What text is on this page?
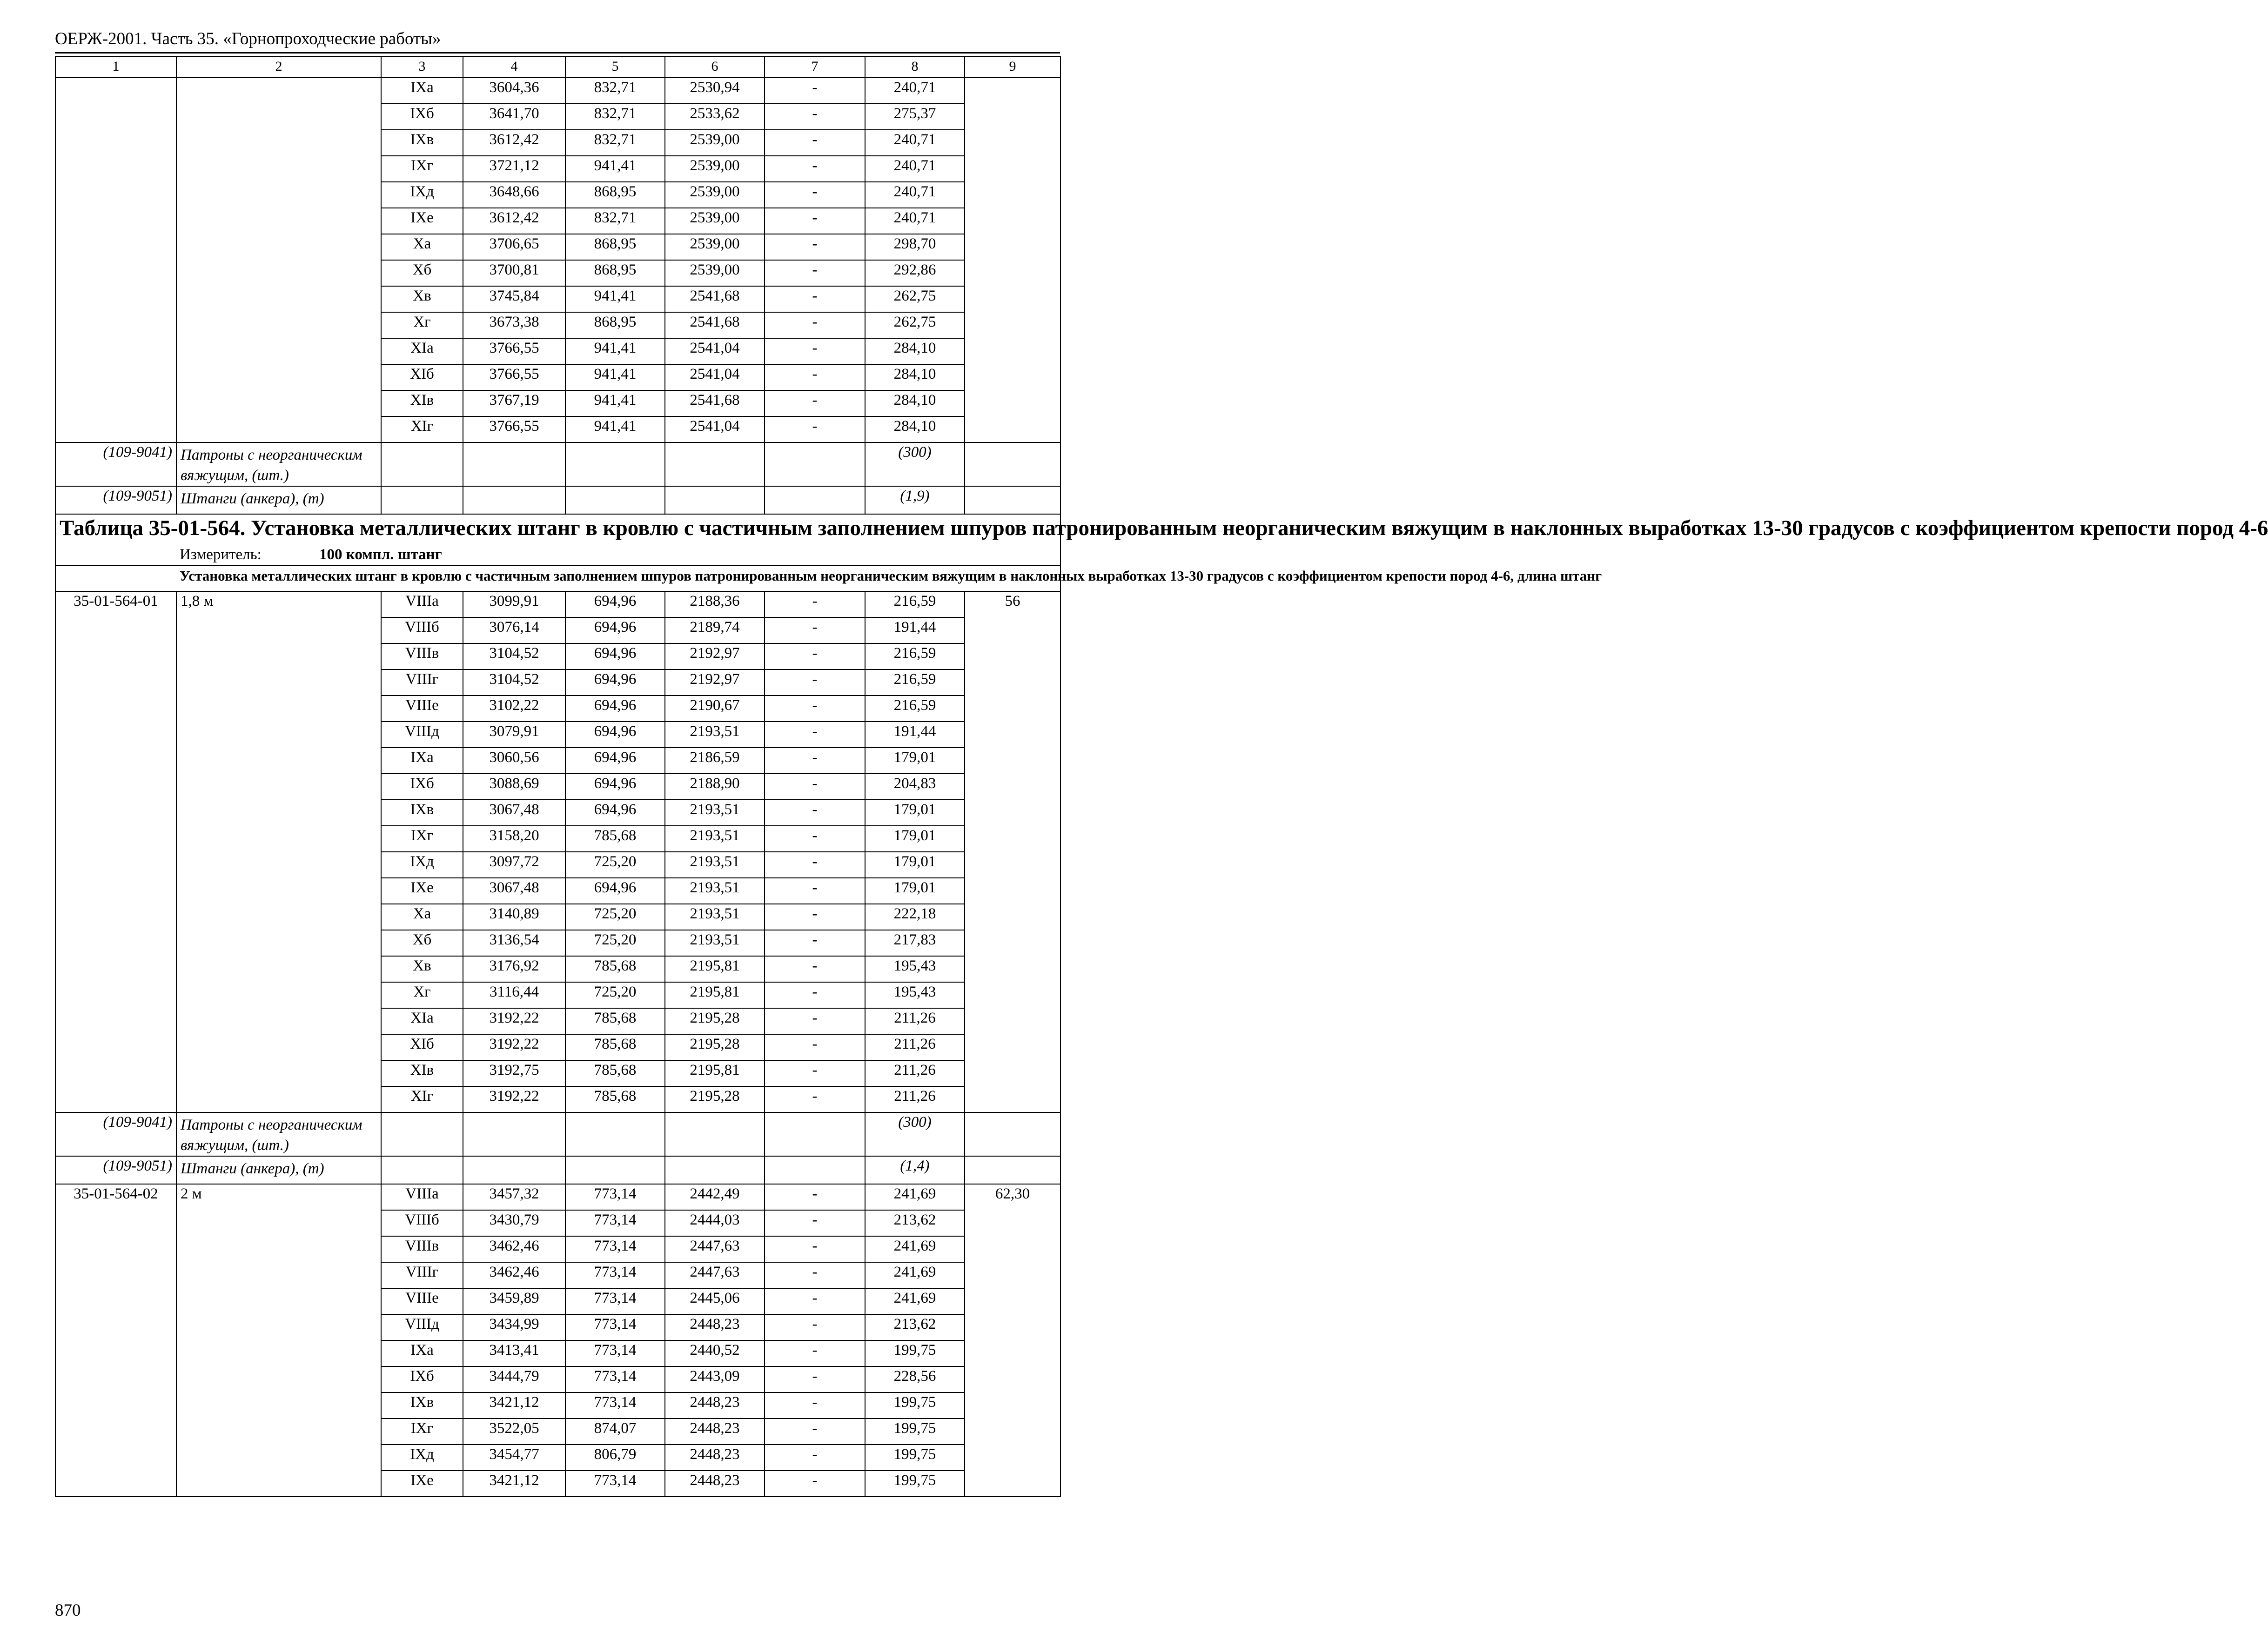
ОЕРЖ-2001. Часть 35. «Горнопроходческие работы»
1	2	3	4	5	6	7	8	9
		IXа	3604,36	832,71	2530,94	-	240,71	
		IXб	3641,70	832,71	2533,62	-	275,37	
		IXв	3612,42	832,71	2539,00	-	240,71	
		IXг	3721,12	941,41	2539,00	-	240,71	
		IXд	3648,66	868,95	2539,00	-	240,71	
		IXе	3612,42	832,71	2539,00	-	240,71	
		Xа	3706,65	868,95	2539,00	-	298,70	
		Xб	3700,81	868,95	2539,00	-	292,86	
		Xв	3745,84	941,41	2541,68	-	262,75	
		Xг	3673,38	868,95	2541,68	-	262,75	
		XIа	3766,55	941,41	2541,04	-	284,10	
		XIб	3766,55	941,41	2541,04	-	284,10	
		XIв	3767,19	941,41	2541,68	-	284,10	
		XIг	3766,55	941,41	2541,04	-	284,10	
(109-9041)	Патроны с неорганическим вяжущим, (шт.)						(300)	
(109-9051)	Штанги (анкера), (т)						(1,9)	

Таблица 35-01-564. Установка металлических штанг в кровлю с частичным заполнением шпуров патронированным неорганическим вяжущим в наклонных выработках 13-30 градусов с коэффициентом крепости пород 4-6
Измеритель: 100 компл. штанг								

Установка металлических штанг в кровлю с частичным заполнением шпуров патронированным неорганическим вяжущим в наклонных выработках 13-30 градусов с коэффициентом крепости пород 4-6, длина штанг								

35-01-564-01	1,8 м	VIIIа	3099,91	694,96	2188,36	-	216,59	56
		VIIIб	3076,14	694,96	2189,74	-	191,44	
		VIIIв	3104,52	694,96	2192,97	-	216,59	
		VIIIг	3104,52	694,96	2192,97	-	216,59	
		VIIIе	3102,22	694,96	2190,67	-	216,59	
		VIIIд	3079,91	694,96	2193,51	-	191,44	
		IXа	3060,56	694,96	2186,59	-	179,01	
		IXб	3088,69	694,96	2188,90	-	204,83	
		IXв	3067,48	694,96	2193,51	-	179,01	
		IXг	3158,20	785,68	2193,51	-	179,01	
		IXд	3097,72	725,20	2193,51	-	179,01	
		IXе	3067,48	694,96	2193,51	-	179,01	
		Xа	3140,89	725,20	2193,51	-	222,18	
		Xб	3136,54	725,20	2193,51	-	217,83	
		Xв	3176,92	785,68	2195,81	-	195,43	
		Xг	3116,44	725,20	2195,81	-	195,43	
		XIа	3192,22	785,68	2195,28	-	211,26	
		XIб	3192,22	785,68	2195,28	-	211,26	
		XIв	3192,75	785,68	2195,81	-	211,26	
		XIг	3192,22	785,68	2195,28	-	211,26	
(109-9041)	Патроны с неорганическим вяжущим, (шт.)						(300)	
(109-9051)	Штанги (анкера), (т)						(1,4)	
35-01-564-02	2 м	VIIIа	3457,32	773,14	2442,49	-	241,69	62,30
		VIIIб	3430,79	773,14	2444,03	-	213,62	
		VIIIв	3462,46	773,14	2447,63	-	241,69	
		VIIIг	3462,46	773,14	2447,63	-	241,69	
		VIIIе	3459,89	773,14	2445,06	-	241,69	
		VIIIд	3434,99	773,14	2448,23	-	213,62	
		IXа	3413,41	773,14	2440,52	-	199,75	
		IXб	3444,79	773,14	2443,09	-	228,56	
		IXв	3421,12	773,14	2448,23	-	199,75	
		IXг	3522,05	874,07	2448,23	-	199,75	
		IXд	3454,77	806,79	2448,23	-	199,75	
		IXе	3421,12	773,14	2448,23	-	199,75	
870
